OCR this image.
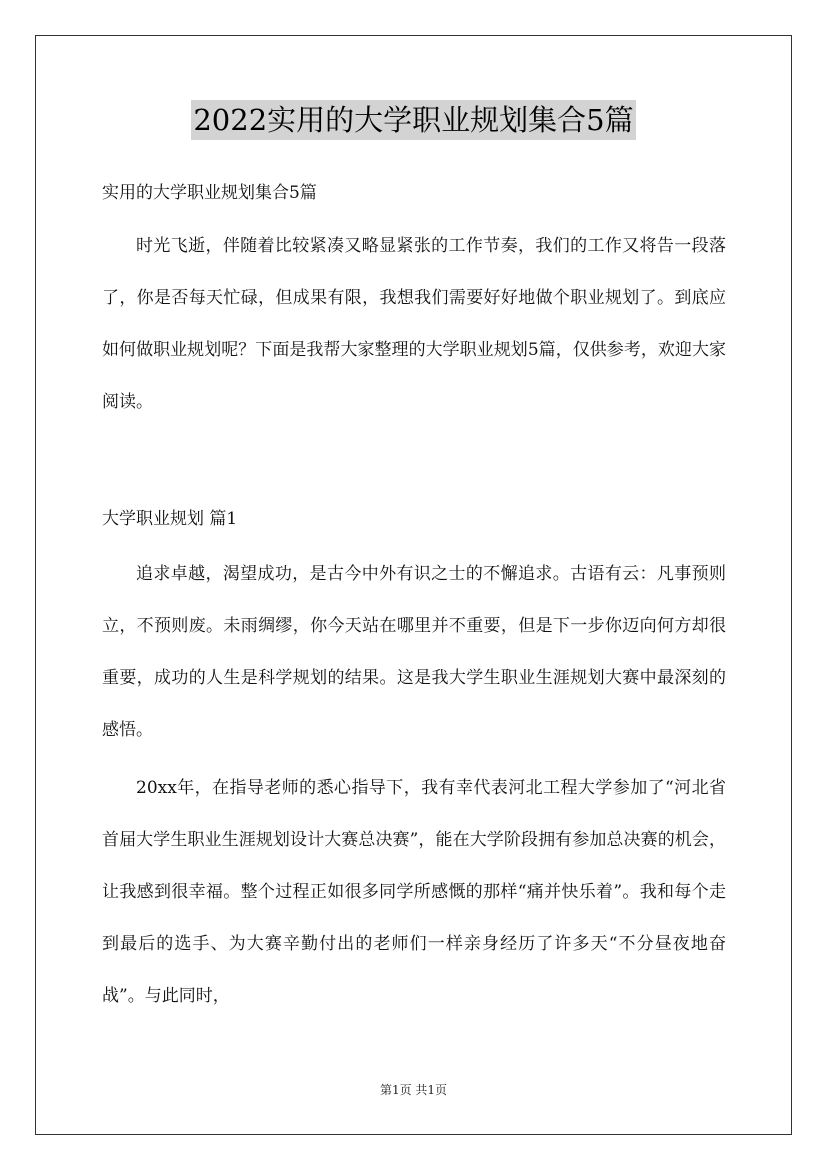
2022实用的大学职业规划集合5篇
实用的大学职业规划集合5篇

时光飞逝，伴随着比较紧凑又略显紧张的工作节奏，我们的工作又将告一段落了，你是否每天忙碌，但成果有限，我想我们需要好好地做个职业规划了。到底应如何做职业规划呢？下面是我帮大家整理的大学职业规划5篇，仅供参考，欢迎大家阅读。

大学职业规划 篇1

追求卓越，渴望成功，是古今中外有识之士的不懈追求。古语有云：凡事预则立，不预则废。未雨绸缪，你今天站在哪里并不重要，但是下一步你迈向何方却很重要，成功的人生是科学规划的结果。这是我大学生职业生涯规划大赛中最深刻的感悟。

20xx年，在指导老师的悉心指导下，我有幸代表河北工程大学参加了“河北省首届大学生职业生涯规划设计大赛总决赛”，能在大学阶段拥有参加总决赛的机会，让我感到很幸福。整个过程正如很多同学所感慨的那样“痛并快乐着”。我和每个走到最后的选手、为大赛辛勤付出的老师们一样亲身经历了许多天“不分昼夜地奋战”。与此同时，

第1页 共1页
